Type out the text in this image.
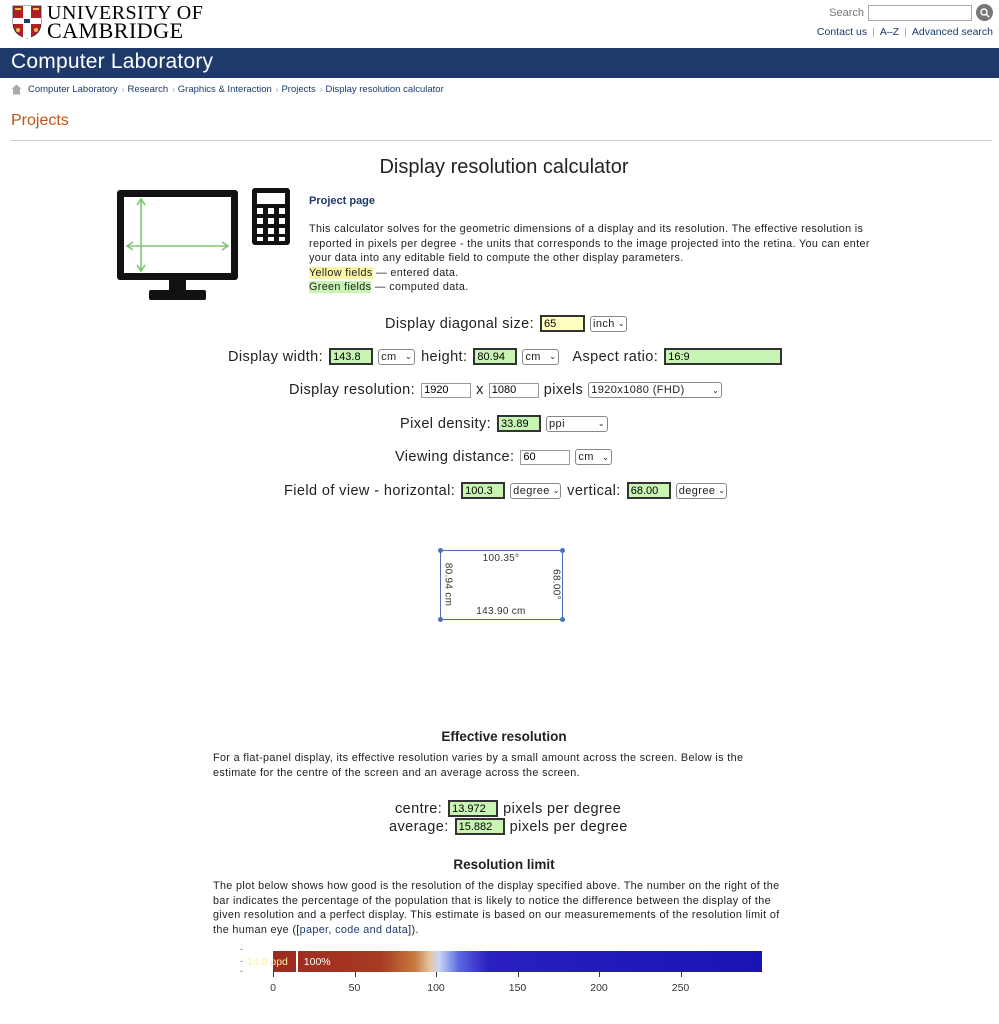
UNIVERSITY OF
CAMBRIDGE
Search
Contact us | A–Z | Advanced search
Computer Laboratory
Computer Laboratory › Research › Graphics & Interaction › Projects › Display resolution calculator
Projects
Display resolution calculator
Project page
This calculator solves for the geometric dimensions of a display and its resolution. The effective resolution is reported in pixels per degree - the units that corresponds to the image projected into the retina. You can enter your data into any editable field to compute the other display parameters.
Yellow fields — entered data.
Green fields — computed data.
Display diagonal size:
65	inch ⌄
Display width:
143.8	cm ⌄ height:
80.94	cm ⌄ Aspect ratio:
16:9
Display resolution:
1920	x
1080	pixels 1920x1080 (FHD)	⌄
Pixel density:
33.89	ppi	⌄
Viewing distance:
60	cm ⌄
Field of view - horizontal:
100.3	degree ⌄ vertical:
68.00	degree ⌄
100.35°
143.90 cm
80.94 cm	68.00°
Effective resolution
For a flat-panel display, its effective resolution varies by a small amount across the screen. Below is the estimate for the centre of the screen and an average across the screen.
centre:
13.972	pixels per degree
average:
15.882	pixels per degree
Resolution limit
The plot below shows how good is the resolution of the display specified above. The number on the right of the bar indicates the percentage of the population that is likely to notice the difference between the display of the given resolution and a perfect display. This estimate is based on our measuremements of the resolution limit of the human eye ([paper, code and data]).
-
-
-
100%
14.0 ppd
0	50	100	150	200	250
